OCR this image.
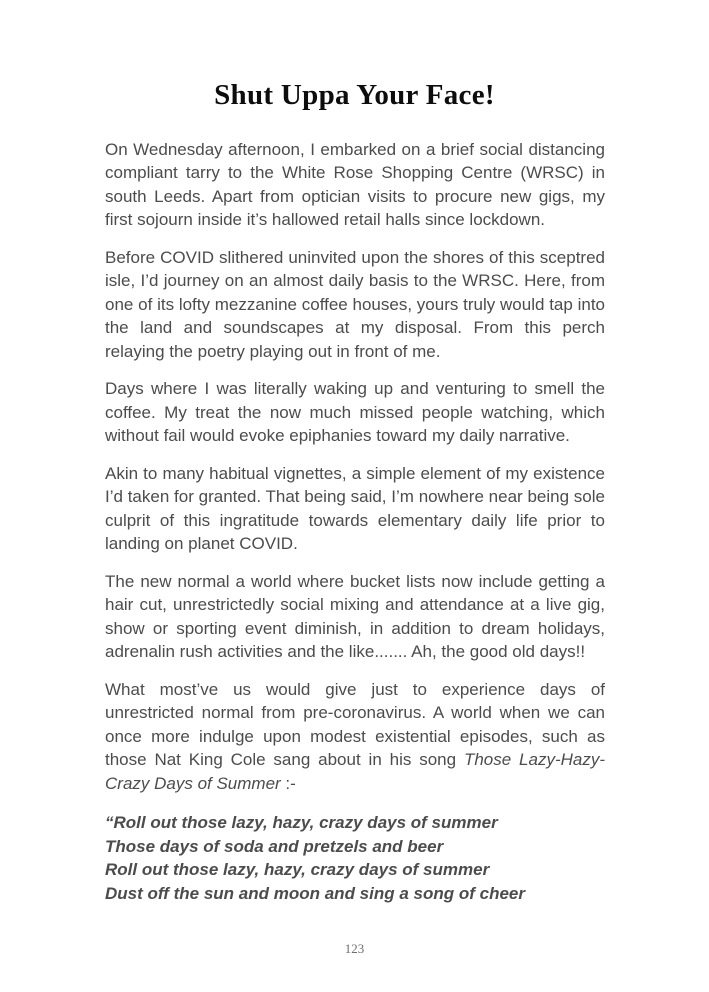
Shut Uppa Your Face!

On Wednesday afternoon, I embarked on a brief social distancing compliant tarry to the White Rose Shopping Centre (WRSC) in south Leeds. Apart from optician visits to procure new gigs, my first sojourn inside it’s hallowed retail halls since lockdown.

Before COVID slithered uninvited upon the shores of this sceptred isle, I’d journey on an almost daily basis to the WRSC. Here, from one of its lofty mezzanine coffee houses, yours truly would tap into the land and soundscapes at my disposal. From this perch relaying the poetry playing out in front of me.

Days where I was literally waking up and venturing to smell the coffee. My treat the now much missed people watching, which without fail would evoke epiphanies toward my daily narrative.

Akin to many habitual vignettes, a simple element of my existence I’d taken for granted. That being said, I’m nowhere near being sole culprit of this ingratitude towards elementary daily life prior to landing on planet COVID.

The new normal a world where bucket lists now include getting a hair cut, unrestrictedly social mixing and attendance at a live gig, show or sporting event diminish, in addition to dream holidays, adrenalin rush activities and the like....... Ah, the good old days!!

What most’ve us would give just to experience days of unrestricted normal from pre-coronavirus. A world when we can once more indulge upon modest existential episodes, such as those Nat King Cole sang about in his song Those Lazy-Hazy-Crazy Days of Summer :-

“Roll out those lazy, hazy, crazy days of summer
Those days of soda and pretzels and beer
Roll out those lazy, hazy, crazy days of summer
Dust off the sun and moon and sing a song of cheer
123
